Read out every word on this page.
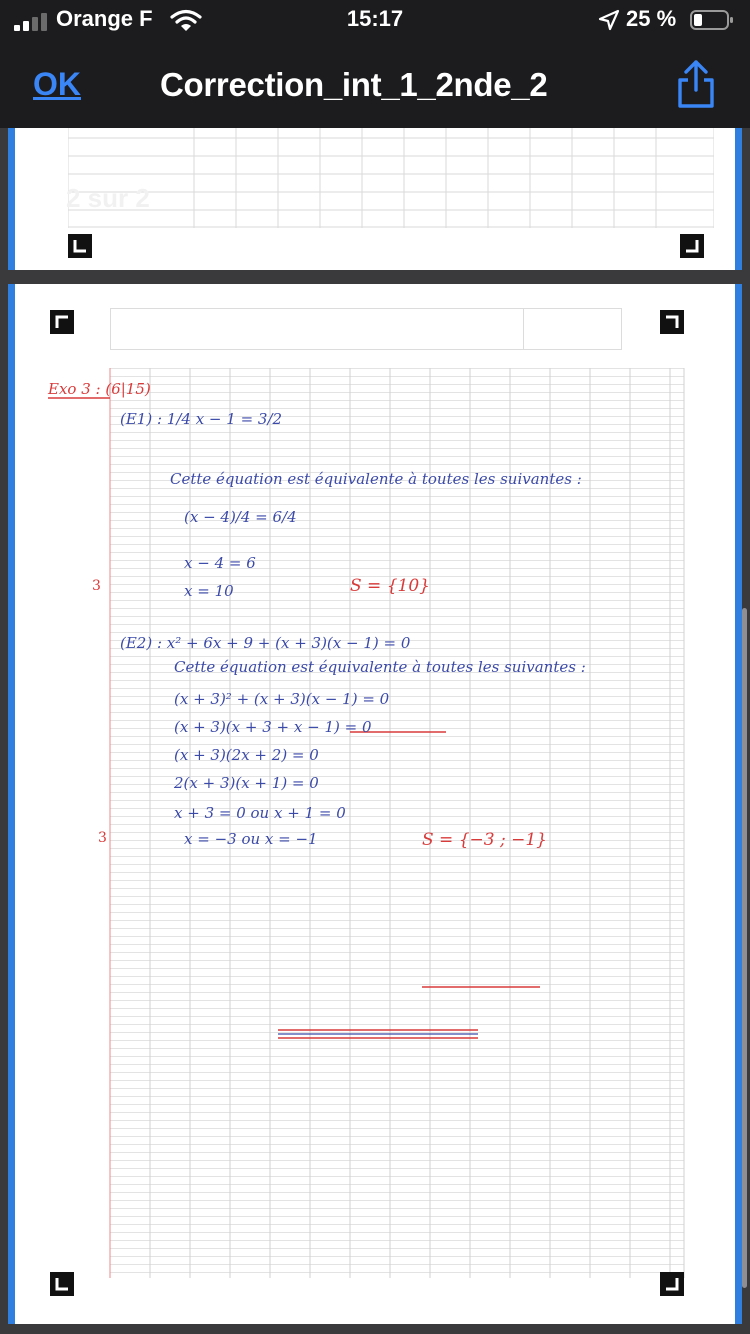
Orange F	15:17	25 %
OK Correction_int_1_2nde_2
2 sur 2
Exo 3 : (6|15)
(E1) : 1/4 x − 1 = 3/2
Cette équation est équivalente à toutes les suivantes :
(x − 4)/4 = 6/4
x − 4 = 6
3	x = 10	S = {10}
(E2) : x² + 6x + 9 + (x + 3)(x − 1) = 0
Cette équation est équivalente à toutes les suivantes :
(x + 3)² + (x + 3)(x − 1) = 0
(x + 3)(x + 3 + x − 1) = 0
(x + 3)(2x + 2) = 0
2(x + 3)(x + 1) = 0
x + 3 = 0 ou x + 1 = 0
3	x = −3 ou x = −1	S = {−3 ; −1}
